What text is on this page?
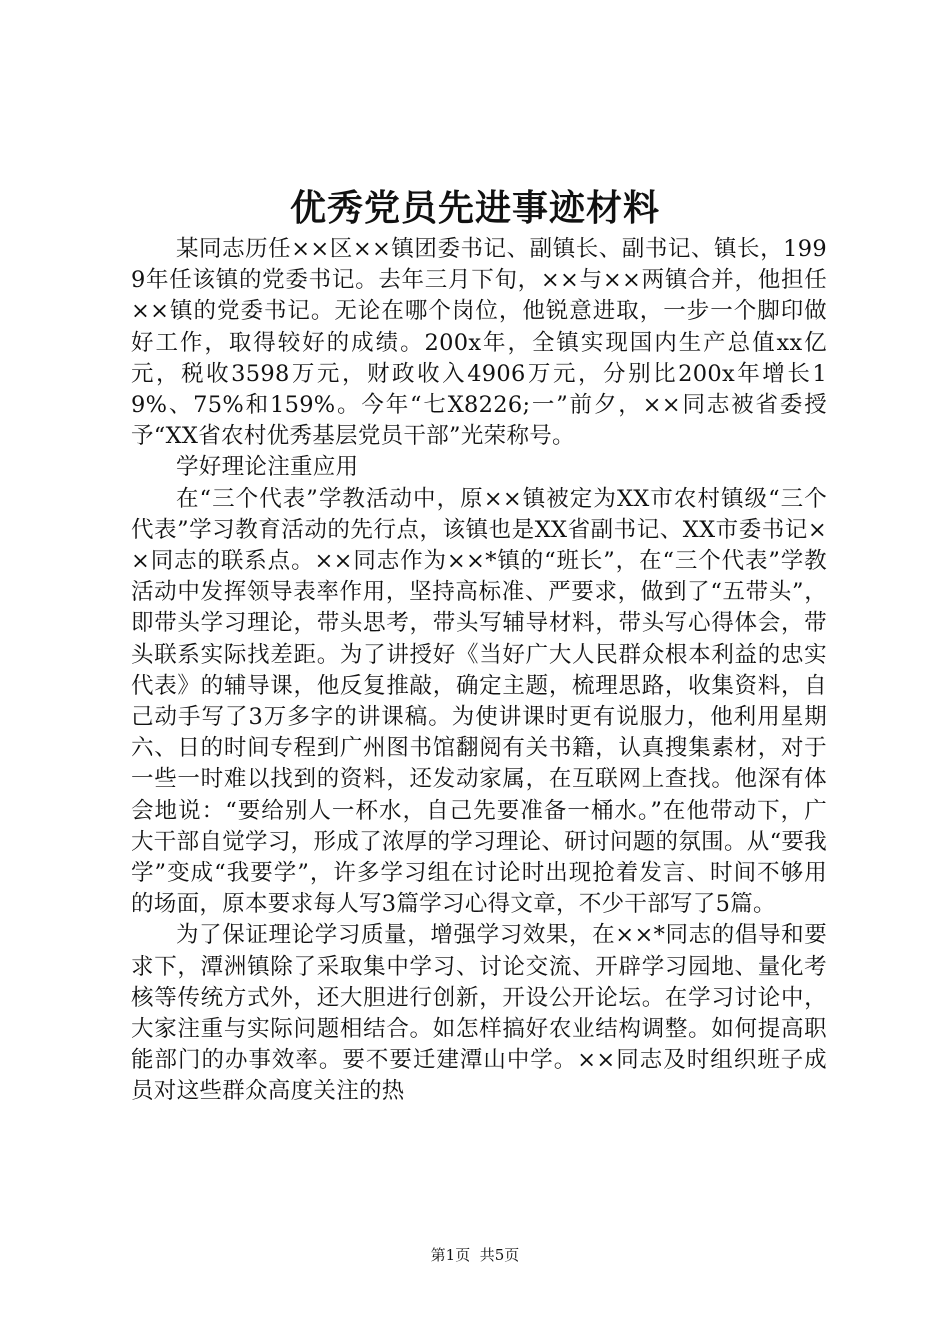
优秀党员先进事迹材料

某同志历任××区××镇团委书记、副镇长、副书记、镇长，1999年任该镇的党委书记。去年三月下旬，××与××两镇合并，他担任××镇的党委书记。无论在哪个岗位，他锐意进取，一步一个脚印做好工作，取得较好的成绩。200x年，全镇实现国内生产总值xx亿元，税收3598万元，财政收入4906万元，分别比200x年增长19%、75%和159%。今年“七X8226;一”前夕，××同志被省委授予“XX省农村优秀基层党员干部”光荣称号。

学好理论注重应用

在“三个代表”学教活动中，原××镇被定为XX市农村镇级“三个代表”学习教育活动的先行点，该镇也是XX省副书记、XX市委书记××同志的联系点。××同志作为××*镇的“班长”，在“三个代表”学教活动中发挥领导表率作用，坚持高标准、严要求，做到了“五带头”，即带头学习理论，带头思考，带头写辅导材料，带头写心得体会，带头联系实际找差距。为了讲授好《当好广大人民群众根本利益的忠实代表》的辅导课，他反复推敲，确定主题，梳理思路，收集资料，自己动手写了3万多字的讲课稿。为使讲课时更有说服力，他利用星期六、日的时间专程到广州图书馆翻阅有关书籍，认真搜集素材，对于一些一时难以找到的资料，还发动家属，在互联网上查找。他深有体会地说：“要给别人一杯水，自己先要准备一桶水。”在他带动下，广大干部自觉学习，形成了浓厚的学习理论、研讨问题的氛围。从“要我学”变成“我要学”，许多学习组在讨论时出现抢着发言、时间不够用的场面，原本要求每人写3篇学习心得文章，不少干部写了5篇。

为了保证理论学习质量，增强学习效果，在××*同志的倡导和要求下，潭洲镇除了采取集中学习、讨论交流、开辟学习园地、量化考核等传统方式外，还大胆进行创新，开设公开论坛。在学习讨论中，大家注重与实际问题相结合。如怎样搞好农业结构调整。如何提高职能部门的办事效率。要不要迁建潭山中学。××同志及时组织班子成员对这些群众高度关注的热

第1页 共5页
